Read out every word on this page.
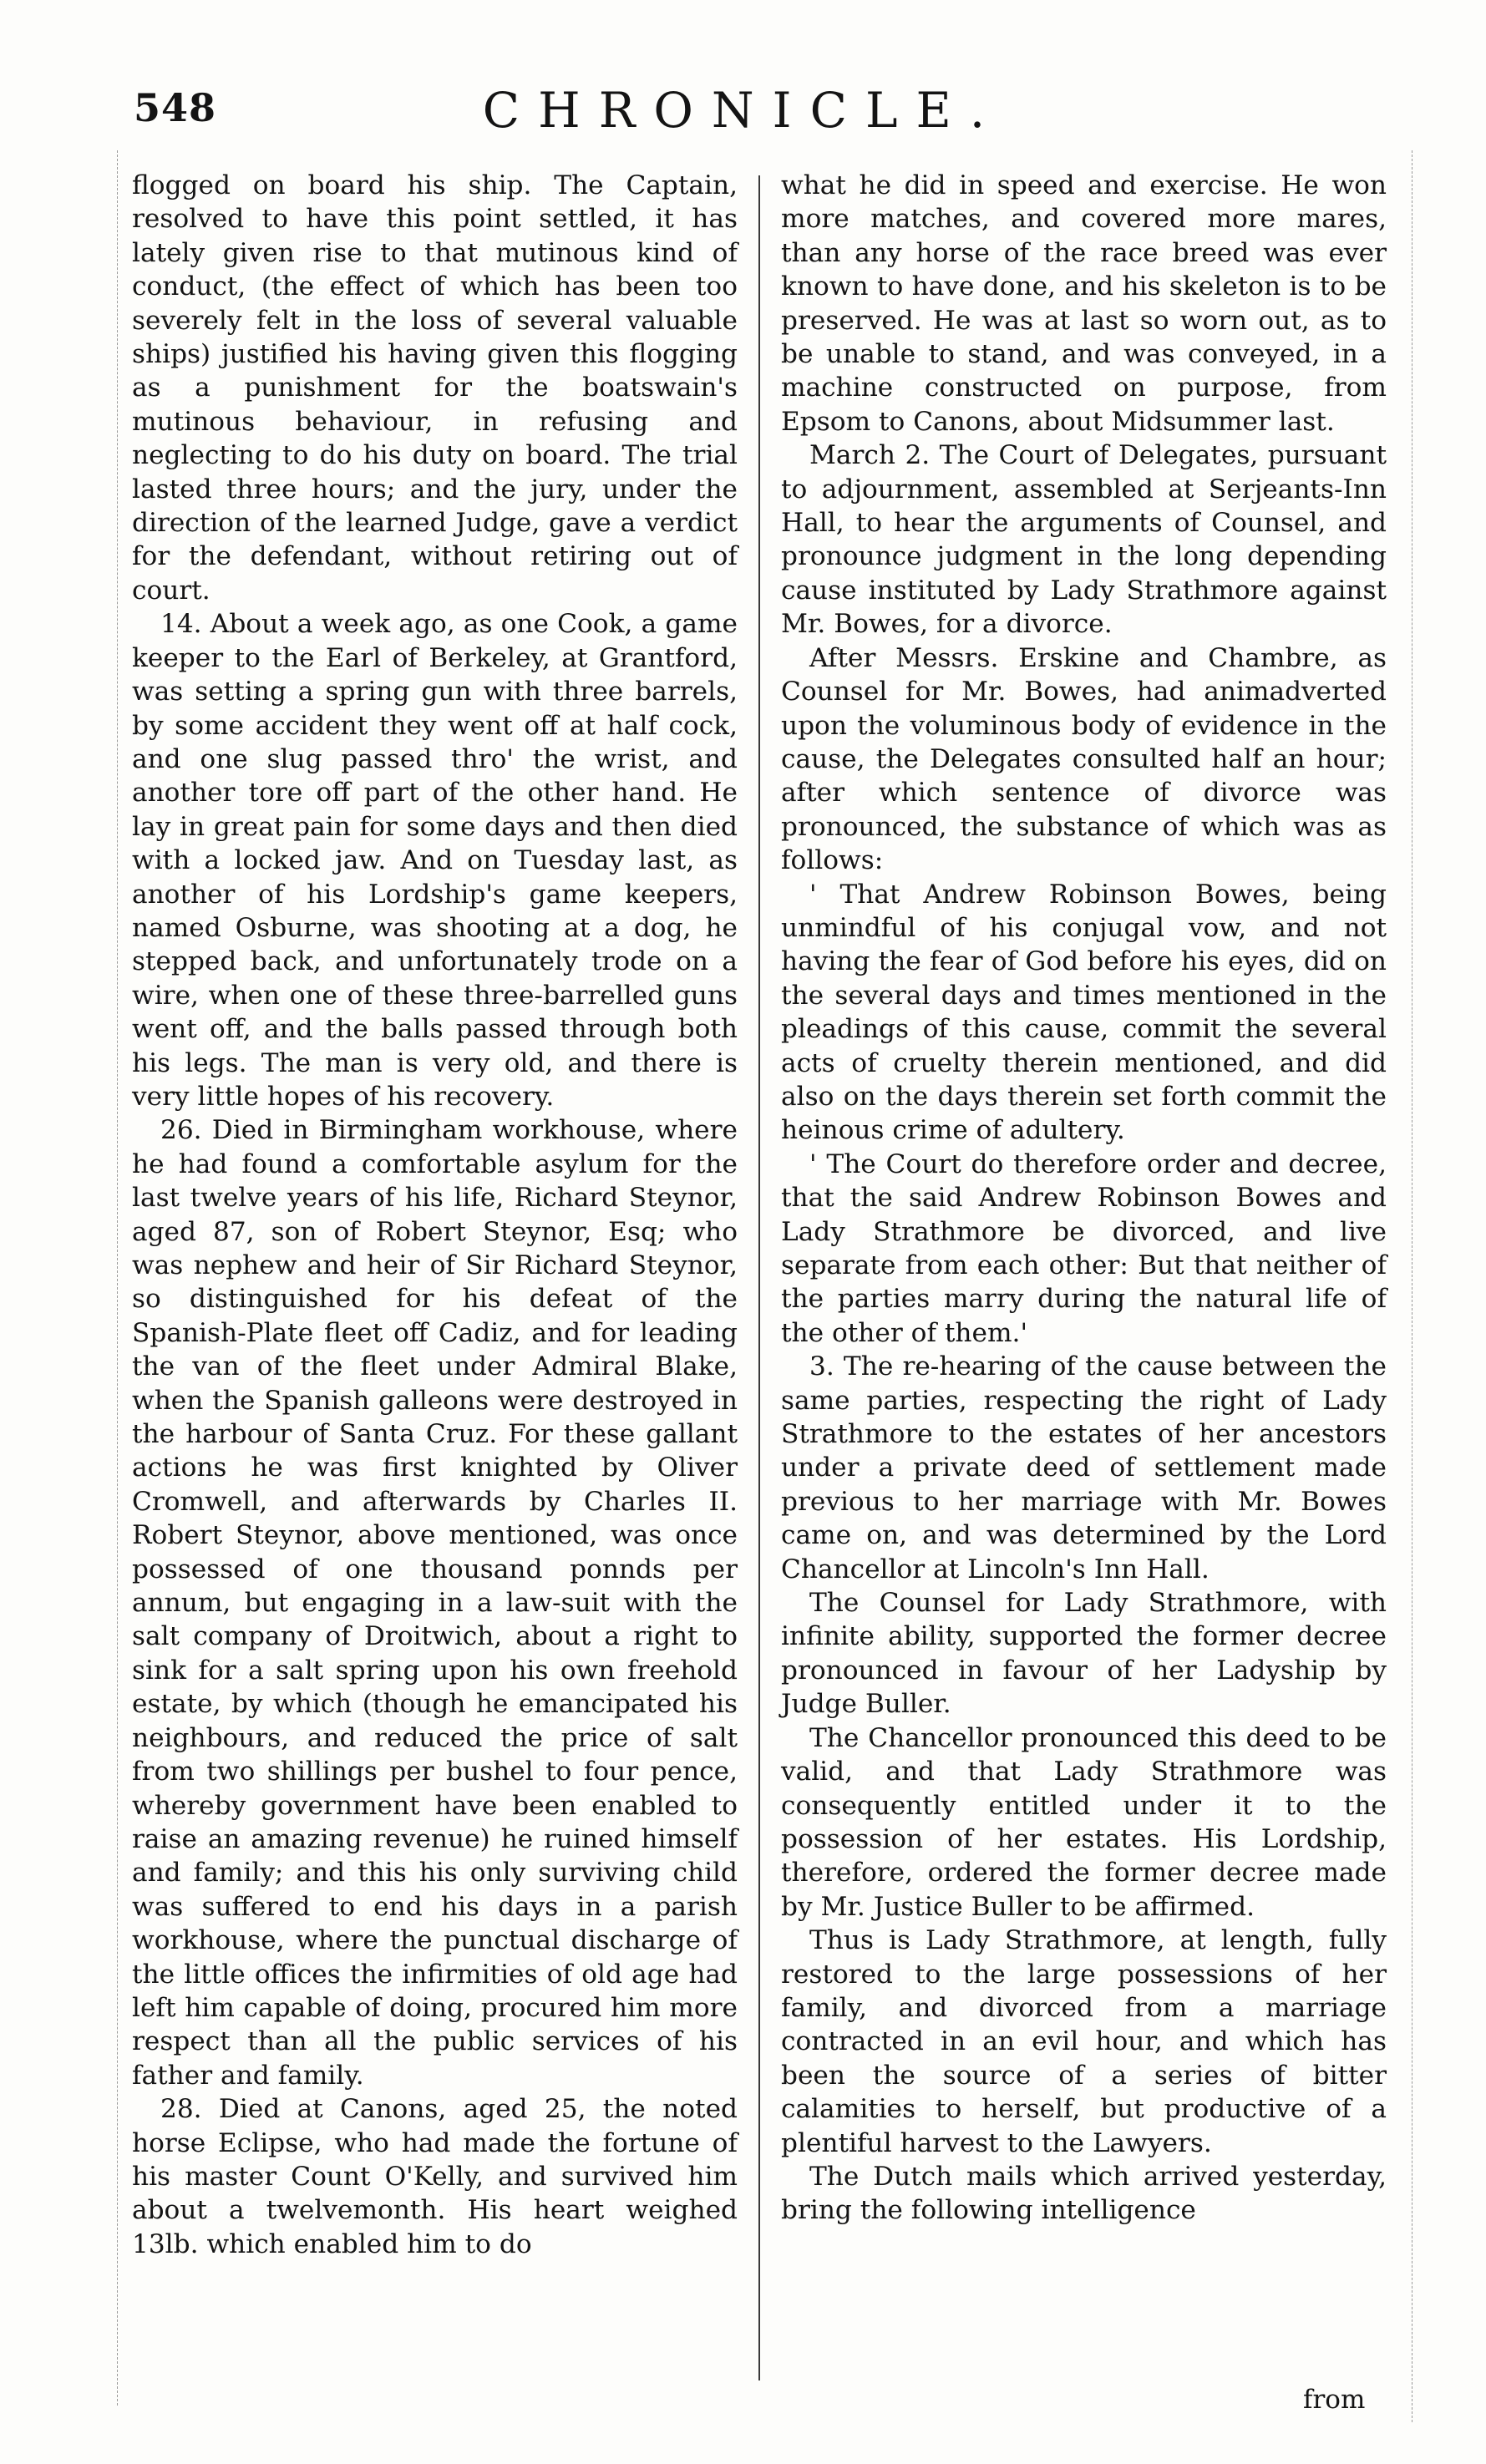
548	CHRONICLE.

flogged on board his ship. The Captain, resolved to have this point settled, it has lately given rise to that mutinous kind of conduct, (the effect of which has been too severely felt in the loss of several valuable ships) justified his having given this flogging as a punishment for the boatswain's mutinous behaviour, in refusing and neglecting to do his duty on board. The trial lasted three hours; and the jury, under the direction of the learned Judge, gave a verdict for the defendant, without retiring out of court.

14. About a week ago, as one Cook, a game keeper to the Earl of Berkeley, at Grantford, was setting a spring gun with three barrels, by some accident they went off at half cock, and one slug passed thro' the wrist, and another tore off part of the other hand. He lay in great pain for some days and then died with a locked jaw. And on Tuesday last, as another of his Lordship's game keepers, named Osburne, was shooting at a dog, he stepped back, and unfortunately trode on a wire, when one of these three-barrelled guns went off, and the balls passed through both his legs. The man is very old, and there is very little hopes of his recovery.

26. Died in Birmingham workhouse, where he had found a comfortable asylum for the last twelve years of his life, Richard Steynor, aged 87, son of Robert Steynor, Esq; who was nephew and heir of Sir Richard Steynor, so distinguished for his defeat of the Spanish-Plate fleet off Cadiz, and for leading the van of the fleet under Admiral Blake, when the Spanish galleons were destroyed in the harbour of Santa Cruz. For these gallant actions he was first knighted by Oliver Cromwell, and afterwards by Charles II. Robert Steynor, above mentioned, was once possessed of one thousand ponnds per annum, but engaging in a law-suit with the salt company of Droitwich, about a right to sink for a salt spring upon his own freehold estate, by which (though he emancipated his neighbours, and reduced the price of salt from two shillings per bushel to four pence, whereby government have been enabled to raise an amazing revenue) he ruined himself and family; and this his only surviving child was suffered to end his days in a parish workhouse, where the punctual discharge of the little offices the infirmities of old age had left him capable of doing, procured him more respect than all the public services of his father and family.

28. Died at Canons, aged 25, the noted horse Eclipse, who had made the fortune of his master Count O'Kelly, and survived him about a twelvemonth. His heart weighed 13lb. which enabled him to do

what he did in speed and exercise. He won more matches, and covered more mares, than any horse of the race breed was ever known to have done, and his skeleton is to be preserved. He was at last so worn out, as to be unable to stand, and was conveyed, in a machine constructed on purpose, from Epsom to Canons, about Midsummer last.

March 2. The Court of Delegates, pursuant to adjournment, assembled at Serjeants-Inn Hall, to hear the arguments of Counsel, and pronounce judgment in the long depending cause instituted by Lady Strathmore against Mr. Bowes, for a divorce.

After Messrs. Erskine and Chambre, as Counsel for Mr. Bowes, had animadverted upon the voluminous body of evidence in the cause, the Delegates consulted half an hour; after which sentence of divorce was pronounced, the substance of which was as follows:

' That Andrew Robinson Bowes, being unmindful of his conjugal vow, and not having the fear of God before his eyes, did on the several days and times mentioned in the pleadings of this cause, commit the several acts of cruelty therein mentioned, and did also on the days therein set forth commit the heinous crime of adultery.

' The Court do therefore order and decree, that the said Andrew Robinson Bowes and Lady Strathmore be divorced, and live separate from each other: But that neither of the parties marry during the natural life of the other of them.'

3. The re-hearing of the cause between the same parties, respecting the right of Lady Strathmore to the estates of her ancestors under a private deed of settlement made previous to her marriage with Mr. Bowes came on, and was determined by the Lord Chancellor at Lincoln's Inn Hall.

The Counsel for Lady Strathmore, with infinite ability, supported the former decree pronounced in favour of her Ladyship by Judge Buller.

The Chancellor pronounced this deed to be valid, and that Lady Strathmore was consequently entitled under it to the possession of her estates. His Lordship, therefore, ordered the former decree made by Mr. Justice Buller to be affirmed.

Thus is Lady Strathmore, at length, fully restored to the large possessions of her family, and divorced from a marriage contracted in an evil hour, and which has been the source of a series of bitter calamities to herself, but productive of a plentiful harvest to the Lawyers.

The Dutch mails which arrived yesterday, bring the following intelligence

from
